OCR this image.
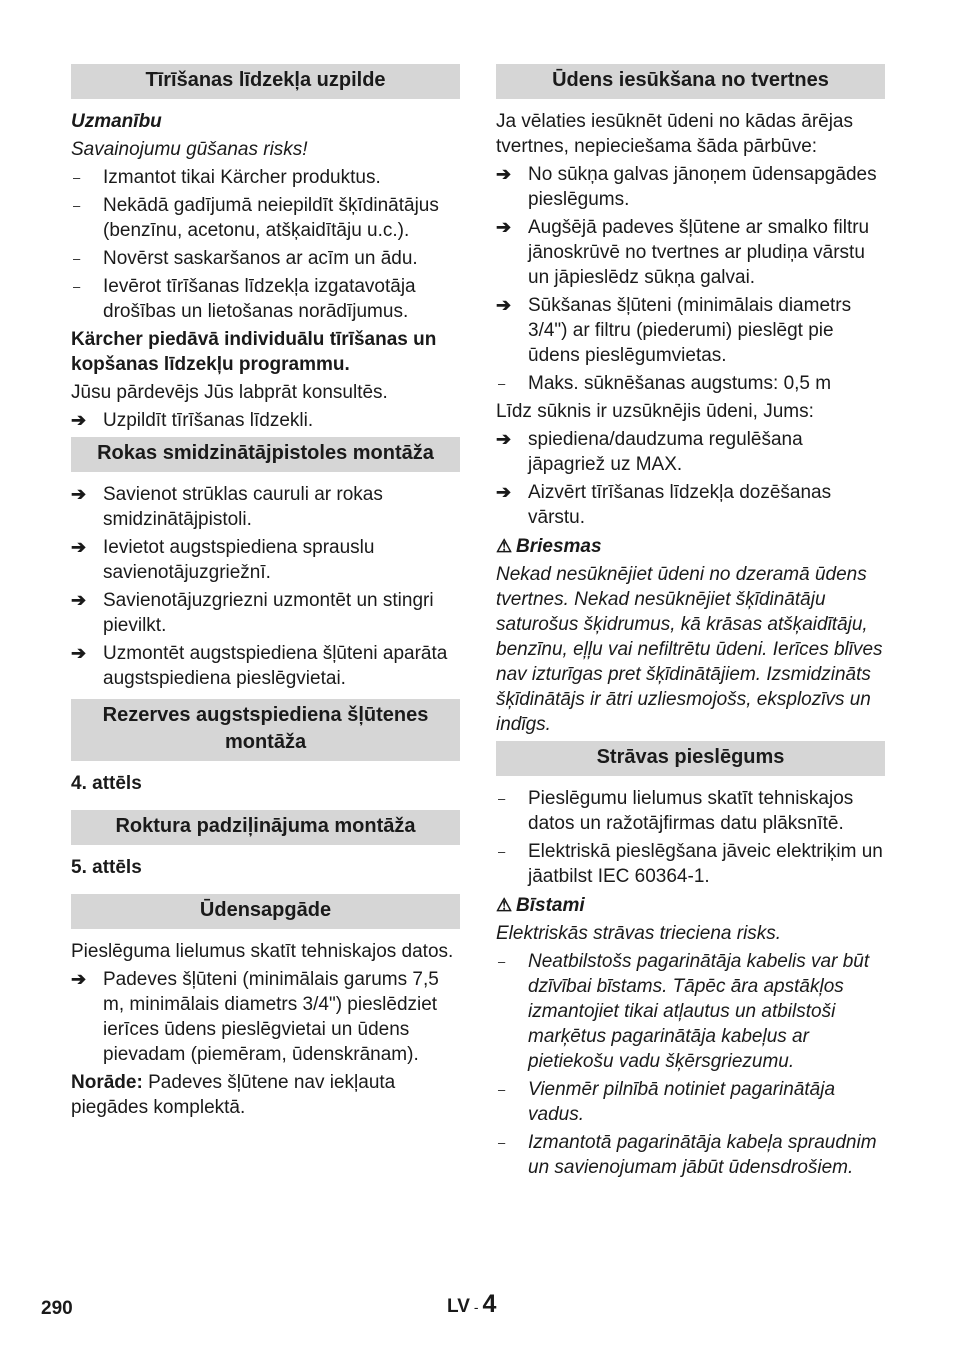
Tīrīšanas līdzekļa uzpilde
Uzmanību
Savainojumu gūšanas risks!
–	Izmantot tikai Kärcher produktus.
–	Nekādā gadījumā neiepildīt šķīdinātājus (benzīnu, acetonu, atšķaidītāju u.c.).
–	Novērst saskaršanos ar acīm un ādu.
–	Ievērot tīrīšanas līdzekļa izgatavotāja drošības un lietošanas norādījumus.
Kärcher piedāvā individuālu tīrīšanas un kopšanas līdzekļu programmu.
Jūsu pārdevējs Jūs labprāt konsultēs.
➔ Uzpildīt tīrīšanas līdzekli.
Rokas smidzinātājpistoles montāža
➔ Savienot strūklas cauruli ar rokas smidzinātājpistoli.
➔ Ievietot augstspiediena sprauslu savienotājuzgriežnī.
➔ Savienotājuzgriezni uzmontēt un stingri pievilkt.
➔ Uzmontēt augstspiediena šļūteni aparāta augstspiediena pieslēgvietai.
Rezerves augstspiediena šļūtenes montāža
4. attēls
Roktura padziļinājuma montāža
5. attēls
Ūdensapgāde
Pieslēguma lielumus skatīt tehniskajos datos.
➔ Padeves šļūteni (minimālais garums 7,5 m, minimālais diametrs 3/4") pieslēdziet ierīces ūdens pieslēgvietai un ūdens pievadam (piemēram, ūdenskrānam).
Norāde: Padeves šļūtene nav iekļauta piegādes komplektā.
Ūdens iesūkšana no tvertnes
Ja vēlaties iesūknēt ūdeni no kādas ārējas tvertnes, nepieciešama šāda pārbūve:
➔ No sūkņa galvas jānoņem ūdensapgādes pieslēgums.
➔ Augšējā padeves šļūtene ar smalko filtru jānoskrūvē no tvertnes ar pludiņa vārstu un jāpieslēdz sūkņa galvai.
➔ Sūkšanas šļūteni (minimālais diametrs 3/4") ar filtru (piederumi) pieslēgt pie ūdens pieslēgumvietas.
–	Maks. sūknēšanas augstums: 0,5 m
Līdz sūknis ir uzsūknējis ūdeni, Jums:
➔ spiediena/daudzuma regulēšana jāpagriež uz MAX.
➔ Aizvērt tīrīšanas līdzekļa dozēšanas vārstu.
⚠ Briesmas
Nekad nesūknējiet ūdeni no dzeramā ūdens tvertnes. Nekad nesūknējiet šķīdinātāju saturošus šķidrumus, kā krāsas atšķaidītāju, benzīnu, eļļu vai nefiltrētu ūdeni. Ierīces blīves nav izturīgas pret šķīdinātājiem. Izsmidzināts šķīdinātājs ir ātri uzliesmojošs, eksplozīvs un indīgs.
Strāvas pieslēgums
–	Pieslēgumu lielumus skatīt tehniskajos datos un ražotājfirmas datu plāksnītē.
–	Elektriskā pieslēgšana jāveic elektriķim un jāatbilst IEC 60364-1.
⚠ Bīstami
Elektriskās strāvas trieciena risks.
–	Neatbilstošs pagarinātāja kabelis var būt dzīvībai bīstams. Tāpēc āra apstākļos izmantojiet tikai atļautus un atbilstoši marķētus pagarinātāja kabeļus ar pietiekošu vadu šķērsgriezumu.
–	Vienmēr pilnībā notiniet pagarinātāja vadus.
–	Izmantotā pagarinātāja kabeļa spraudnim un savienojumam jābūt ūdensdrošiem.
290	LV - 4
